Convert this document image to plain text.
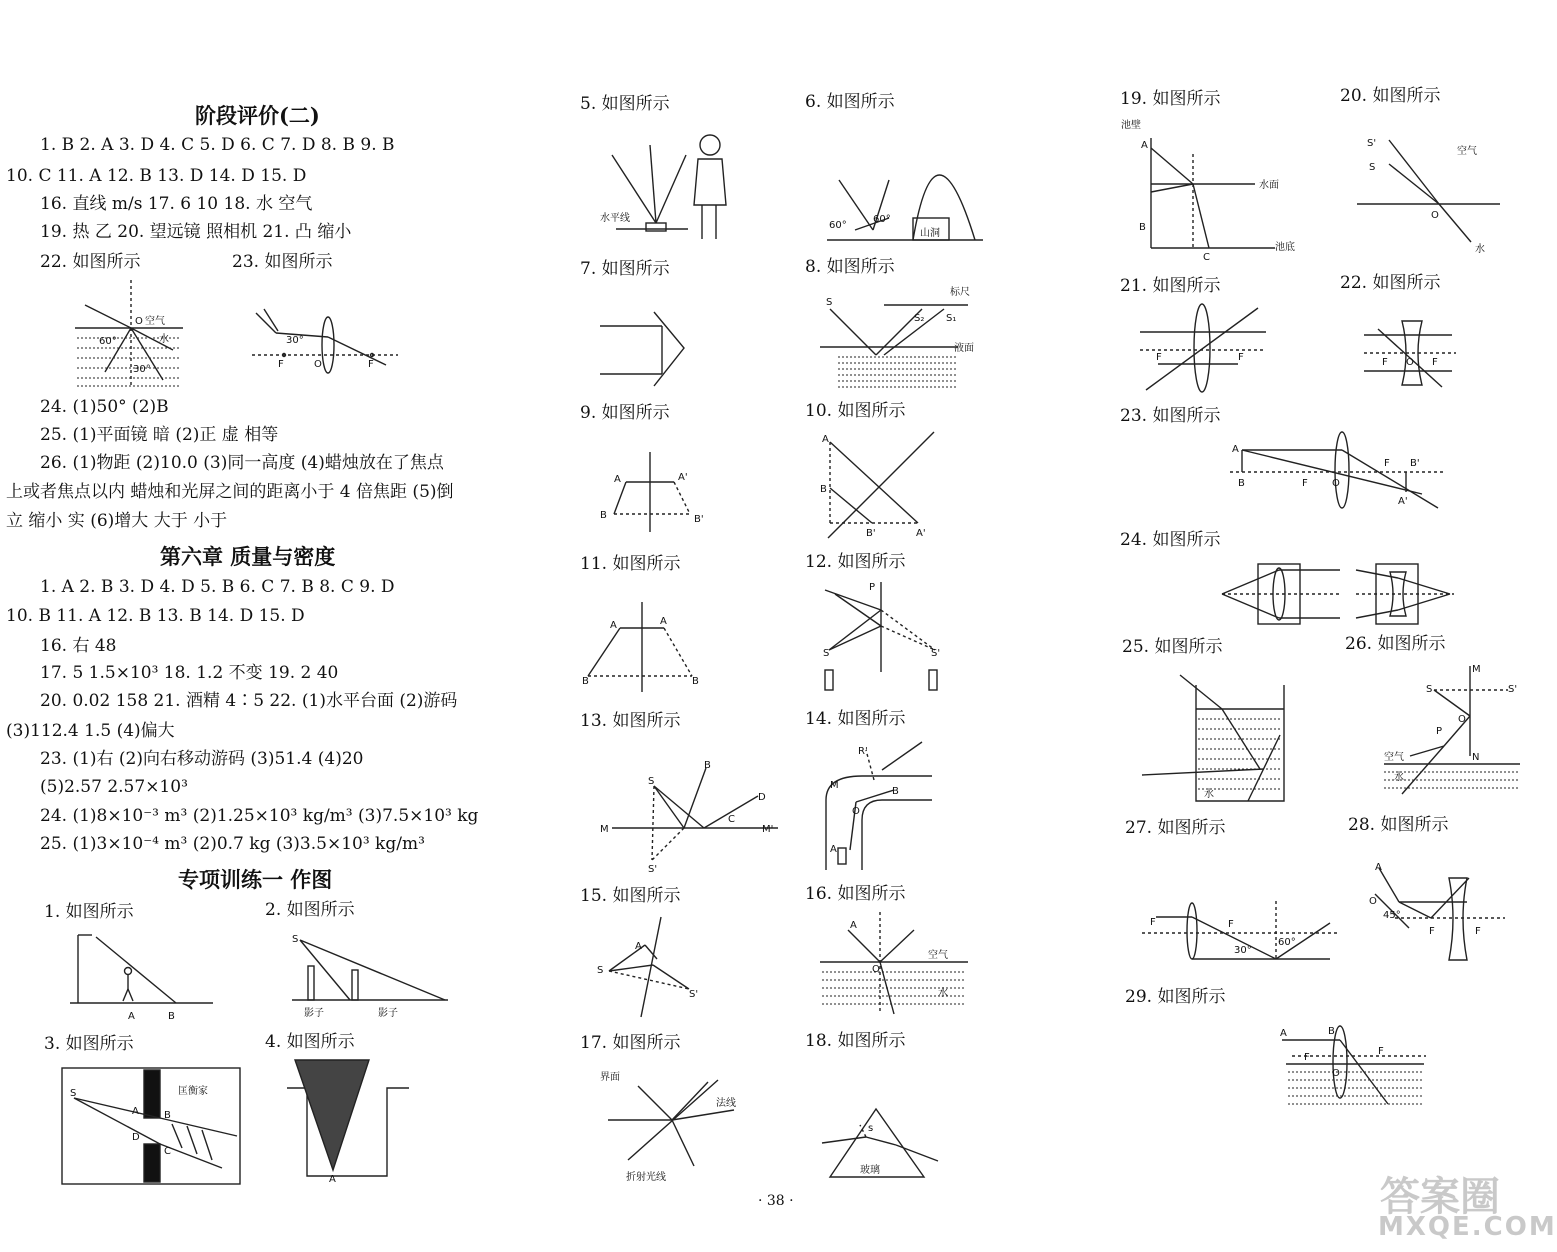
阶段评价(二)
1. B 2. A 3. D 4. C 5. D 6. C 7. D 8. B 9. B
10. C 11. A 12. B 13. D 14. D 15. D
16. 直线 m/s 17. 6 10 18. 水 空气
19. 热 乙 20. 望远镜 照相机 21. 凸 缩小
22. 如图所示	23. 如图所示
O 空气
水
60°
30°	F	O	F
30°
24. (1)50° (2)B
25. (1)平面镜 暗 (2)正 虚 相等
26. (1)物距 (2)10.0 (3)同一高度 (4)蜡烛放在了焦点
上或者焦点以内 蜡烛和光屏之间的距离小于 4 倍焦距 (5)倒
立 缩小 实 (6)增大 大于 小于
第六章 质量与密度
1. A 2. B 3. D 4. D 5. B 6. C 7. B 8. C 9. D
10. B 11. A 12. B 13. B 14. D 15. D
16. 右 48
17. 5 1.5×10³ 18. 1.2 不变 19. 2 40
20. 0.02 158 21. 酒精 4∶5 22. (1)水平台面 (2)游码
(3)112.4 1.5 (4)偏大
23. (1)右 (2)向右移动游码 (3)51.4 (4)20
(5)2.57 2.57×10³
24. (1)8×10⁻³ m³ (2)1.25×10³ kg/m³ (3)7.5×10³ kg
25. (1)3×10⁻⁴ m³ (2)0.7 kg (3)3.5×10³ kg/m³
专项训练一 作图
1. 如图所示	2. 如图所示
A	B
S
影子	影子
3. 如图所示	4. 如图所示
S
A	B
D
C
匡衡家
A
5. 如图所示	6. 如图所示
水平线
60°
60°
山洞
7. 如图所示	8. 如图所示
S
S₂ S₁
标尺
液面
9. 如图所示	10. 如图所示
A	A'
B	B'
A
B
B'	A'
11. 如图所示	12. 如图所示
A	A
B	B
P
S	S'
13. 如图所示	14. 如图所示
S
B
D
C
M	M'
S'
M
R'
B
O
A
15. 如图所示	16. 如图所示
S
A
S'
A
O
空气
水
17. 如图所示	18. 如图所示
界面
法线
折射光线
s
玻璃
19. 如图所示	20. 如图所示
池壁
A
水面
B
C
池底
S'
S
O
空气
水
21. 如图所示	22. 如图所示
F	F	F O F
23. 如图所示
A
B	F O
F B'
A'
24. 如图所示
25. 如图所示	26. 如图所示
水
M
S	S'
O
P
N
空气
水
27. 如图所示	28. 如图所示
F	F
30°
60°
A
O
45°
F	F
29. 如图所示
A	B
F
O
F
· 38 ·	答案圈
MXQE.COM
